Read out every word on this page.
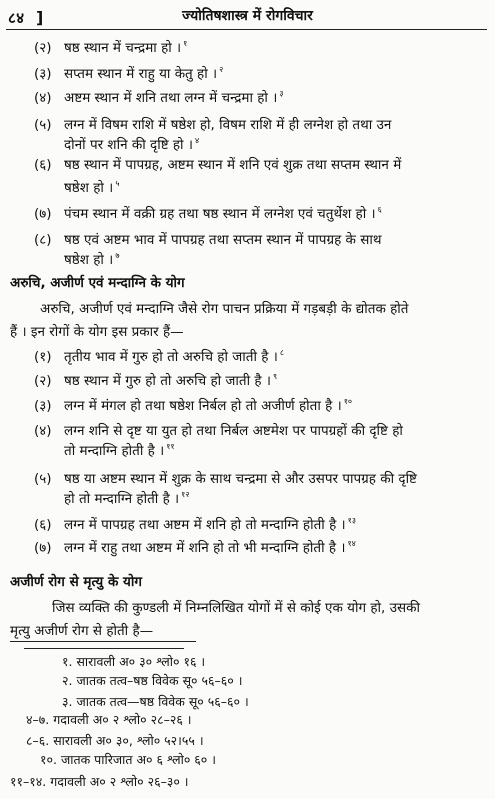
८४ ]	ज्योतिषशास्त्र में रोगविचार
(२) षष्ठ स्थान में चन्द्रमा हो । $^१$
(३) सप्तम स्थान में राहु या केतु हो । $^२$
(४) अष्टम स्थान में शनि तथा लग्न में चन्द्रमा हो । $^३$
(५) लग्न में विषम राशि में षष्ठेश हो, विषम राशि में ही लग्नेश हो तथा उन
दोनों पर शनि की दृष्टि हो । $^४$
(६) षष्ठ स्थान में पापग्रह, अष्टम स्थान में शनि एवं शुक्र तथा सप्तम स्थान में
षष्ठेश हो । $^५$
(७) पंचम स्थान में वक्री ग्रह तथा षष्ठ स्थान में लग्नेश एवं चतुर्थेश हो । $^६$
(८) षष्ठ एवं अष्टम भाव में पापग्रह तथा सप्तम स्थान में पापग्रह के साथ
षष्ठेश हो । $^७$
अरुचि, अजीर्ण एवं मन्दाग्नि के योग
अरुचि, अजीर्ण एवं मन्दाग्नि जैसे रोग पाचन प्रक्रिया में गड़बड़ी के द्योतक होते
हैं । इन रोगों के योग इस प्रकार हैं—
(१) तृतीय भाव में गुरु हो तो अरुचि हो जाती है । $^८$
(२) षष्ठ स्थान में गुरु हो तो अरुचि हो जाती है । $^९$
(३) लग्न में मंगल हो तथा षष्ठेश निर्बल हो तो अजीर्ण होता है । $^{१०}$
(४) लग्न शनि से दृष्ट या युत हो तथा निर्बल अष्टमेश पर पापग्रहों की दृष्टि हो
तो मन्दाग्नि होती है । $^{११}$
(५) षष्ठ या अष्टम स्थान में शुक्र के साथ चन्द्रमा से और उसपर पापग्रह की दृष्टि
हो तो मन्दाग्नि होती है । $^{१२}$
(६) लग्न में पापग्रह तथा अष्टम में शनि हो तो मन्दाग्नि होती है । $^{१३}$
(७) लग्न में राहु तथा अष्टम में शनि हो तो भी मन्दाग्नि होती है । $^{१४}$
अजीर्ण रोग से मृत्यु के योग
जिस व्यक्ति की कुण्डली में निम्नलिखित योगों में से कोई एक योग हो, उसकी
मृत्यु अजीर्ण रोग से होती है—
१. सारावली अ० ३० श्लो० १६ ।
२. जातक तत्व–षष्ठ विवेक सू० ५६–६० ।
३. जातक तत्व—षष्ठ विवेक सू० ५६–६० ।
४–७. गदावली अ० २ श्लो० २८–२६ ।
८–६. सारावली अ० ३०, श्लो० ५२।५५ ।
१०. जातक पारिजात अ० ६ श्लो० ६० ।
११–१४. गदावली अ० २ श्लो० २६–३० ।
